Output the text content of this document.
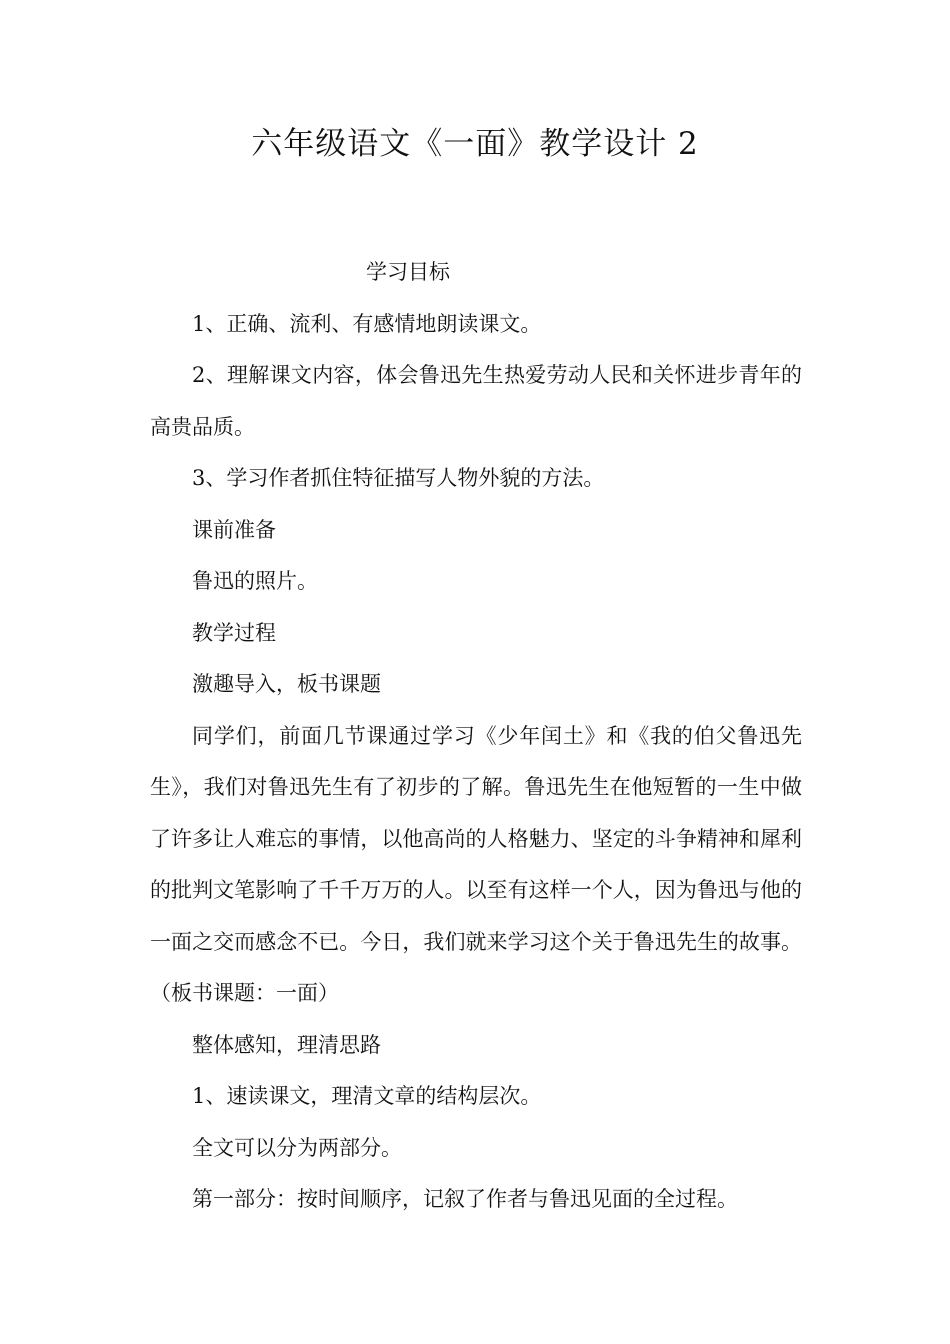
六年级语文《一面》教学设计 2

学习目标

1、正确、流利、有感情地朗读课文。

2、理解课文内容，体会鲁迅先生热爱劳动人民和关怀进步青年的高贵品质。

3、学习作者抓住特征描写人物外貌的方法。

课前准备

鲁迅的照片。

教学过程

激趣导入，板书课题

同学们，前面几节课通过学习《少年闰土》和《我的伯父鲁迅先生》，我们对鲁迅先生有了初步的了解。鲁迅先生在他短暂的一生中做了许多让人难忘的事情，以他高尚的人格魅力、坚定的斗争精神和犀利的批判文笔影响了千千万万的人。以至有这样一个人，因为鲁迅与他的一面之交而感念不已。今日，我们就来学习这个关于鲁迅先生的故事。（板书课题：一面）

整体感知，理清思路

1、速读课文，理清文章的结构层次。

全文可以分为两部分。

第一部分：按时间顺序，记叙了作者与鲁迅见面的全过程。
